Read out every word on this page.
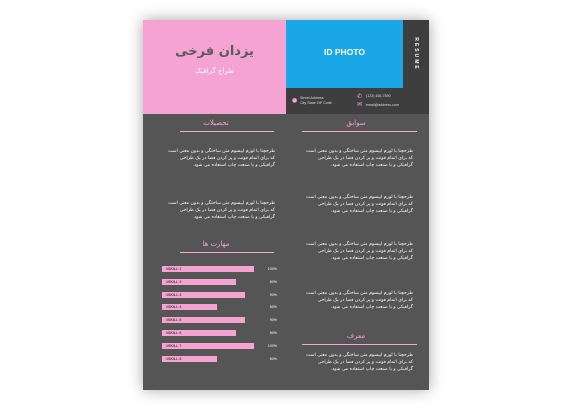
یزدان فرخی
طراح گرافیک
ID PHOTO	RESUME
● Street Address
City State ZIP Code
✆ (123) 456-7890
✉ email@address.com
تحصیلات
طرحچنا با لورم ایپسوم متن ساختگی و بدون معنی است که برای اتمام فونت و پر کردن فضا در یک طراحی گرافیکی و یا صنعت چاپ استفاده می شود.
طرحچنا با لورم ایپسوم متن ساختگی و بدون معنی است که برای اتمام فونت و پر کردن فضا در یک طراحی گرافیکی و یا صنعت چاپ استفاده می شود.
مهارت ها
#SKILL 1	100%
#SKILL 2	80%
#SKILL 3	90%
#SKILL 4	60%
#SKILL 5	90%
#SKILL 6	80%
#SKILL 7	100%
#SKILL 8	60%
سوابق
طرحچنا با لورم ایپسوم متن ساختگی و بدون معنی است که برای اتمام فونت و پر کردن فضا در یک طراحی گرافیکی و یا صنعت چاپ استفاده می شود.
طرحچنا با لورم ایپسوم متن ساختگی و بدون معنی است که برای اتمام فونت و پر کردن فضا در یک طراحی گرافیکی و یا صنعت چاپ استفاده می شود.
طرحچنا با لورم ایپسوم متن ساختگی و بدون معنی است که برای اتمام فونت و پر کردن فضا در یک طراحی گرافیکی و یا صنعت چاپ استفاده می شود.
طرحچنا با لورم ایپسوم متن ساختگی و بدون معنی است که برای اتمام فونت و پر کردن فضا در یک طراحی گرافیکی و یا صنعت چاپ استفاده می شود.
معرف
طرحچنا با لورم ایپسوم متن ساختگی و بدون معنی است که برای اتمام فونت و پر کردن فضا در یک طراحی گرافیکی و یا صنعت چاپ استفاده می شود.
